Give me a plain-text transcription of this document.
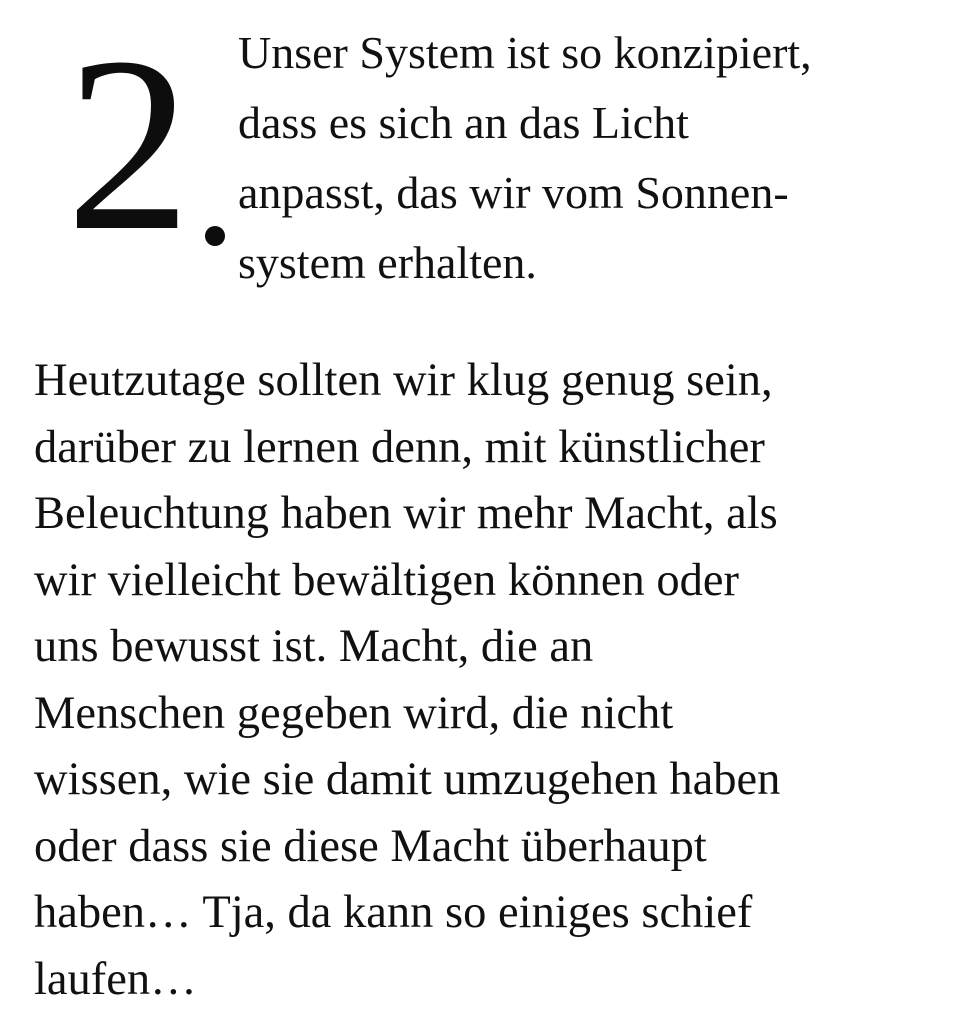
2 Unser System ist so konzipiert,
dass es sich an das Licht
anpasst, das wir vom Sonnen-
system erhalten.

Heutzutage sollten wir klug genug sein,
darüber zu lernen denn, mit künstlicher
Beleuchtung haben wir mehr Macht, als
wir vielleicht bewältigen können oder
uns bewusst ist. Macht, die an
Menschen gegeben wird, die nicht
wissen, wie sie damit umzugehen haben
oder dass sie diese Macht überhaupt
haben… Tja, da kann so einiges schief
laufen…
